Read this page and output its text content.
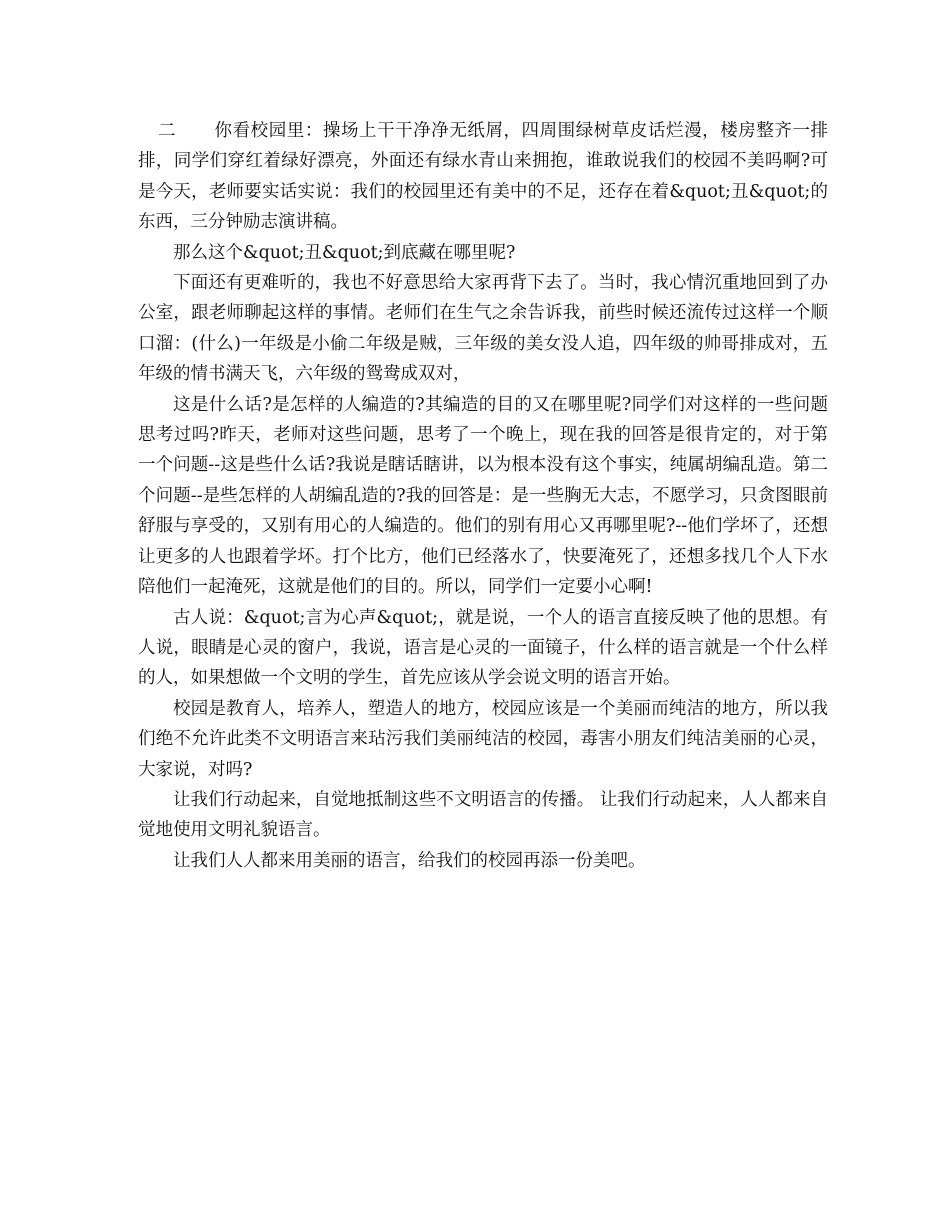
二 你看校园里：操场上干干净净无纸屑，四周围绿树草皮话烂漫，楼房整齐一排排，同学们穿红着绿好漂亮，外面还有绿水青山来拥抱，谁敢说我们的校园不美吗啊?可是今天，老师要实话实说：我们的校园里还有美中的不足，还存在着&quot;丑&quot;的东西，三分钟励志演讲稿。

那么这个&quot;丑&quot;到底藏在哪里呢?

下面还有更难听的，我也不好意思给大家再背下去了。当时，我心情沉重地回到了办公室，跟老师聊起这样的事情。老师们在生气之余告诉我，前些时候还流传过这样一个顺口溜：(什么)一年级是小偷二年级是贼，三年级的美女没人追，四年级的帅哥排成对，五年级的情书满天飞，六年级的鸳鸯成双对，

这是什么话?是怎样的人编造的?其编造的目的又在哪里呢?同学们对这样的一些问题思考过吗?昨天，老师对这些问题，思考了一个晚上，现在我的回答是很肯定的，对于第一个问题--这是些什么话?我说是瞎话瞎讲，以为根本没有这个事实，纯属胡编乱造。第二个问题--是些怎样的人胡编乱造的?我的回答是：是一些胸无大志，不愿学习，只贪图眼前舒服与享受的，又别有用心的人编造的。他们的别有用心又再哪里呢?--他们学坏了，还想让更多的人也跟着学坏。打个比方，他们已经落水了，快要淹死了，还想多找几个人下水陪他们一起淹死，这就是他们的目的。所以，同学们一定要小心啊!

古人说：&quot;言为心声&quot;，就是说，一个人的语言直接反映了他的思想。有人说，眼睛是心灵的窗户，我说，语言是心灵的一面镜子，什么样的语言就是一个什么样的人，如果想做一个文明的学生，首先应该从学会说文明的语言开始。

校园是教育人，培养人，塑造人的地方，校园应该是一个美丽而纯洁的地方，所以我们绝不允许此类不文明语言来玷污我们美丽纯洁的校园，毒害小朋友们纯洁美丽的心灵，大家说，对吗?

让我们行动起来，自觉地抵制这些不文明语言的传播。 让我们行动起来，人人都来自觉地使用文明礼貌语言。

让我们人人都来用美丽的语言，给我们的校园再添一份美吧。
